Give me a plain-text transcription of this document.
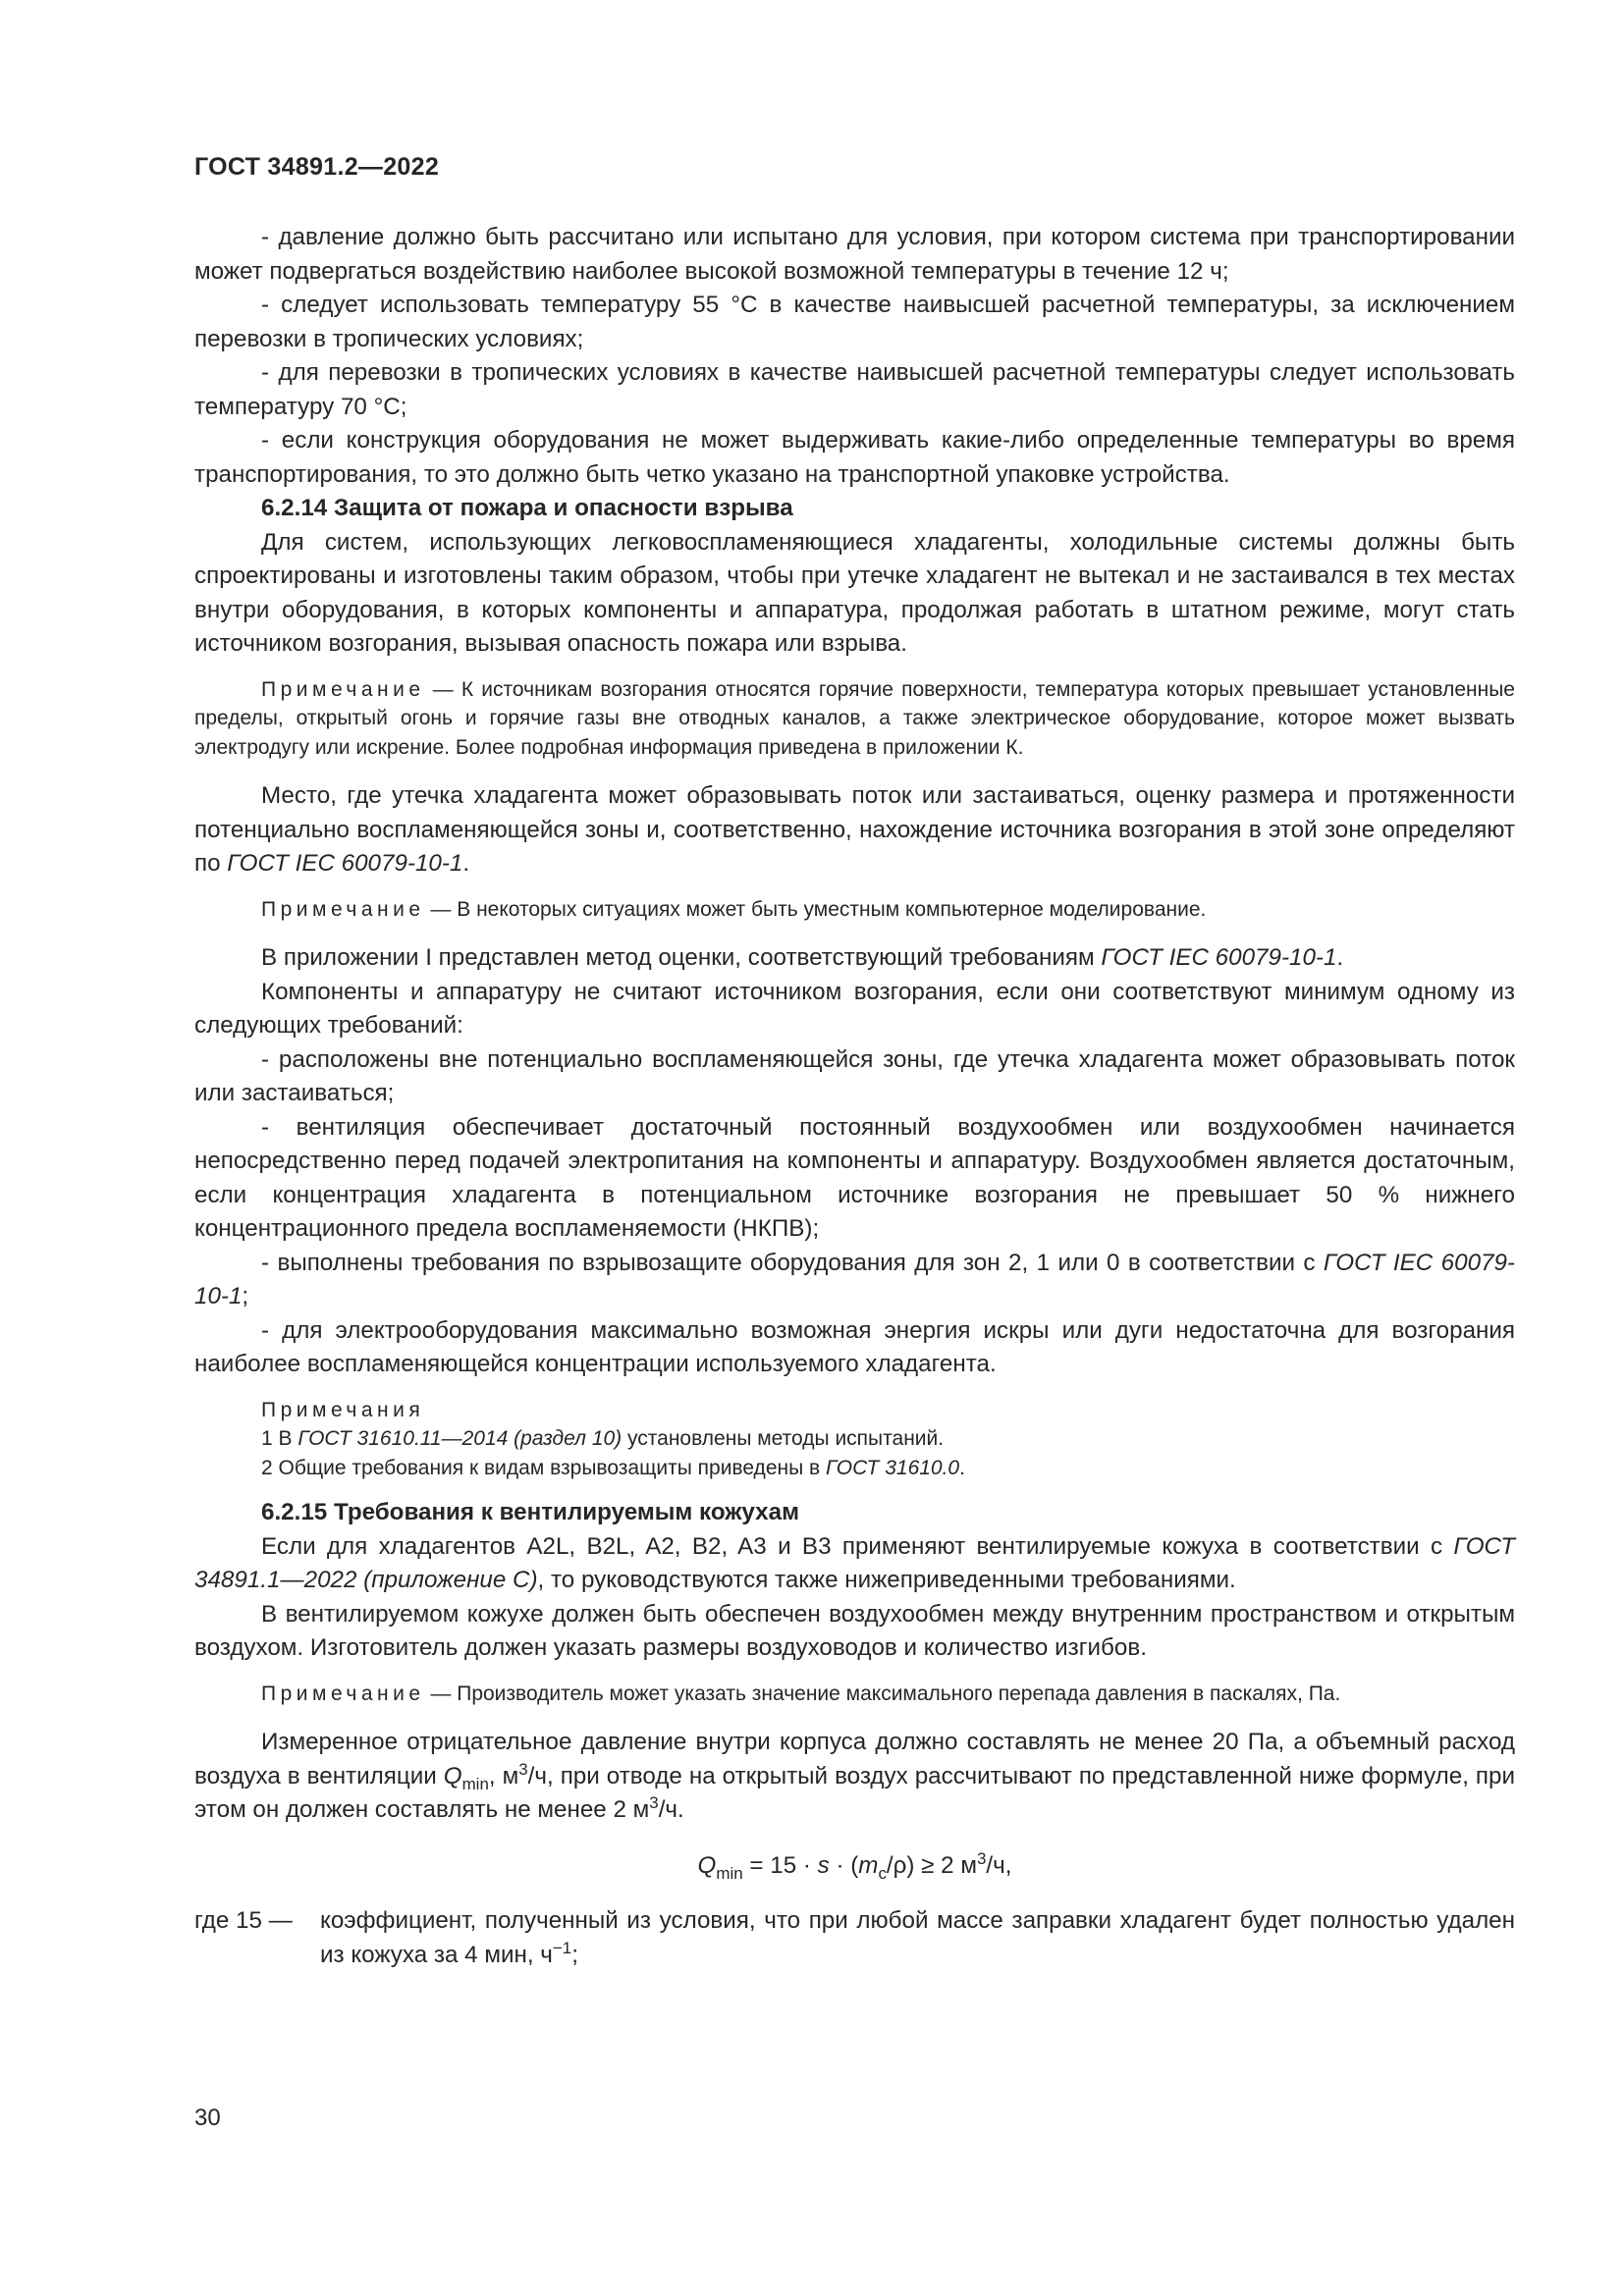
ГОСТ 34891.2—2022

- давление должно быть рассчитано или испытано для условия, при котором система при транспортировании может подвергаться воздействию наиболее высокой возможной температуры в течение 12 ч;

- следует использовать температуру 55 °С в качестве наивысшей расчетной температуры, за исключением перевозки в тропических условиях;

- для перевозки в тропических условиях в качестве наивысшей расчетной температуры следует использовать температуру 70 °С;

- если конструкция оборудования не может выдерживать какие-либо определенные температуры во время транспортирования, то это должно быть четко указано на транспортной упаковке устройства.

6.2.14 Защита от пожара и опасности взрыва

Для систем, использующих легковоспламеняющиеся хладагенты, холодильные системы должны быть спроектированы и изготовлены таким образом, чтобы при утечке хладагент не вытекал и не застаивался в тех местах внутри оборудования, в которых компоненты и аппаратура, продолжая работать в штатном режиме, могут стать источником возгорания, вызывая опасность пожара или взрыва.

Примечание — К источникам возгорания относятся горячие поверхности, температура которых превышает установленные пределы, открытый огонь и горячие газы вне отводных каналов, а также электрическое оборудование, которое может вызвать электродугу или искрение. Более подробная информация приведена в приложении К.

Место, где утечка хладагента может образовывать поток или застаиваться, оценку размера и протяженности потенциально воспламеняющейся зоны и, соответственно, нахождение источника возгорания в этой зоне определяют по ГОСТ IEC 60079-10-1.

Примечание — В некоторых ситуациях может быть уместным компьютерное моделирование.

В приложении I представлен метод оценки, соответствующий требованиям ГОСТ IEC 60079-10-1.

Компоненты и аппаратуру не считают источником возгорания, если они соответствуют минимум одному из следующих требований:

- расположены вне потенциально воспламеняющейся зоны, где утечка хладагента может образовывать поток или застаиваться;

- вентиляция обеспечивает достаточный постоянный воздухообмен или воздухообмен начинается непосредственно перед подачей электропитания на компоненты и аппаратуру. Воздухообмен является достаточным, если концентрация хладагента в потенциальном источнике возгорания не превышает 50 % нижнего концентрационного предела воспламеняемости (НКПВ);

- выполнены требования по взрывозащите оборудования для зон 2, 1 или 0 в соответствии с ГОСТ IEC 60079-10-1;

- для электрооборудования максимально возможная энергия искры или дуги недостаточна для возгорания наиболее воспламеняющейся концентрации используемого хладагента.

Примечания

1 В ГОСТ 31610.11—2014 (раздел 10) установлены методы испытаний.

2 Общие требования к видам взрывозащиты приведены в ГОСТ 31610.0.

6.2.15 Требования к вентилируемым кожухам

Если для хладагентов A2L, B2L, A2, B2, A3 и B3 применяют вентилируемые кожуха в соответствии с ГОСТ 34891.1—2022 (приложение С), то руководствуются также нижеприведенными требованиями.

В вентилируемом кожухе должен быть обеспечен воздухообмен между внутренним пространством и открытым воздухом. Изготовитель должен указать размеры воздуховодов и количество изгибов.

Примечание — Производитель может указать значение максимального перепада давления в паскалях, Па.

Измеренное отрицательное давление внутри корпуса должно составлять не менее 20 Па, а объемный расход воздуха в вентиляции $Q_{min}$, $м^3/ч$, при отводе на открытый воздух рассчитывают по представленной ниже формуле, при этом он должен составлять не менее 2 $м^3/ч$.

$Q_{min} = 15 \cdot s \cdot (m_c/\rho) \ge 2$ $м^3/ч$,

где 15 —	коэффициент, полученный из условия, что при любой массе заправки хладагент будет полностью удален из кожуха за 4 мин, $ч^{-1}$;
30
